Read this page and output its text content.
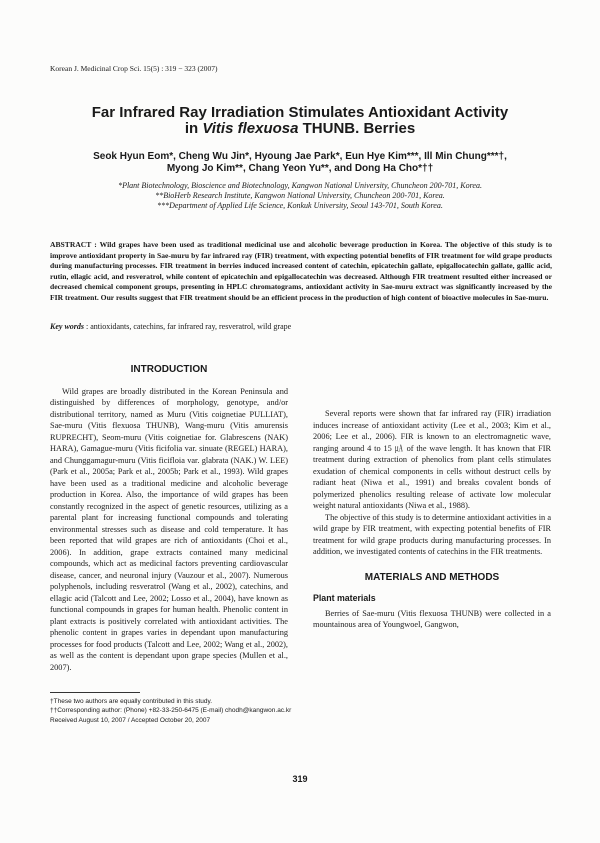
Korean J. Medicinal Crop Sci. 15(5) : 319 − 323 (2007)
Far Infrared Ray Irradiation Stimulates Antioxidant Activity
in Vitis flexuosa THUNB. Berries
Seok Hyun Eom*, Cheng Wu Jin*, Hyoung Jae Park*, Eun Hye Kim***, Ill Min Chung***†,
Myong Jo Kim**, Chang Yeon Yu**, and Dong Ha Cho*††
*Plant Biotechnology, Bioscience and Biotechnology, Kangwon National University, Chuncheon 200-701, Korea.
**BioHerb Research Institute, Kangwon National University, Chuncheon 200-701, Korea.
***Department of Applied Life Science, Konkuk University, Seoul 143-701, South Korea.
ABSTRACT : Wild grapes have been used as traditional medicinal use and alcoholic beverage production in Korea. The objective of this study is to improve antioxidant property in Sae-muru by far infrared ray (FIR) treatment, with expecting potential benefits of FIR treatment for wild grape products during manufacturing processes. FIR treatment in berries induced increased content of catechin, epicatechin gallate, epigallocatechin gallate, gallic acid, rutin, ellagic acid, and resveratrol, while content of epicatechin and epigallocatechin was decreased. Although FIR treatment resulted either increased or decreased chemical component groups, presenting in HPLC chromatograms, antioxidant activity in Sae-muru extract was significantly increased by the FIR treatment. Our results suggest that FIR treatment should be an efficient process in the production of high content of bioactive molecules in Sae-muru.
Key words : antioxidants, catechins, far infrared ray, resveratrol, wild grape
INTRODUCTION

Wild grapes are broadly distributed in the Korean Peninsula and distinguished by differences of morphology, genotype, and/or distributional territory, named as Muru (Vitis coignetiae PULLIAT), Sae-muru (Vitis flexuosa THUNB), Wang-muru (Vitis amurensis RUPRECHT), Seom-muru (Vitis coignetiae for. Glabrescens (NAK) HARA), Gamague-muru (Vitis ficifolia var. sinuate (REGEL) HARA), and Chunggamagur-muru (Vitis ficifloia var. glabrata (NAK.) W. LEE) (Park et al., 2005a; Park et al., 2005b; Park et al., 1993). Wild grapes have been used as a traditional medicine and alcoholic beverage production in Korea. Also, the importance of wild grapes has been constantly recognized in the aspect of genetic resources, utilizing as a parental plant for increasing functional compounds and tolerating environmental stresses such as disease and cold temperature. It has been reported that wild grapes are rich of antioxidants (Choi et al., 2006). In addition, grape extracts contained many medicinal compounds, which act as medicinal factors preventing cardiovascular disease, cancer, and neuronal injury (Vauzour et al., 2007). Numerous polyphenols, including resveratrol (Wang et al., 2002), catechins, and ellagic acid (Talcott and Lee, 2002; Losso et al., 2004), have known as functional compounds in grapes for human health. Phenolic content in plant extracts is positively correlated with antioxidant activities. The phenolic content in grapes varies in dependant upon manufacturing processes for food products (Talcott and Lee, 2002; Wang et al., 2002), as well as the content is dependant upon grape species (Mullen et al., 2007).

Several reports were shown that far infrared ray (FIR) irradiation induces increase of antioxidant activity (Lee et al., 2003; Kim et al., 2006; Lee et al., 2006). FIR is known to an electromagnetic wave, ranging around 4 to 15 ㎂ of the wave length. It has known that FIR treatment during extraction of phenolics from plant cells stimulates exudation of chemical components in cells without destruct cells by radiant heat (Niwa et al., 1991) and breaks covalent bonds of polymerized phenolics resulting release of activate low molecular weight natural antioxidants (Niwa et al., 1988).

The objective of this study is to determine antioxidant activities in a wild grape by FIR treatment, with expecting potential benefits of FIR treatment for wild grape products during manufacturing processes. In addition, we investigated contents of catechins in the FIR treatments.

MATERIALS AND METHODS
Plant materials

Berries of Sae-muru (Vitis flexuosa THUNB) were collected in a mountainous area of Youngwoel, Gangwon,

†These two authors are equally contributed in this study.
††Corresponding author: (Phone) +82-33-250-6475 (E-mail) chodh@kangwon.ac.kr
Received August 10, 2007 / Accepted October 20, 2007
319
